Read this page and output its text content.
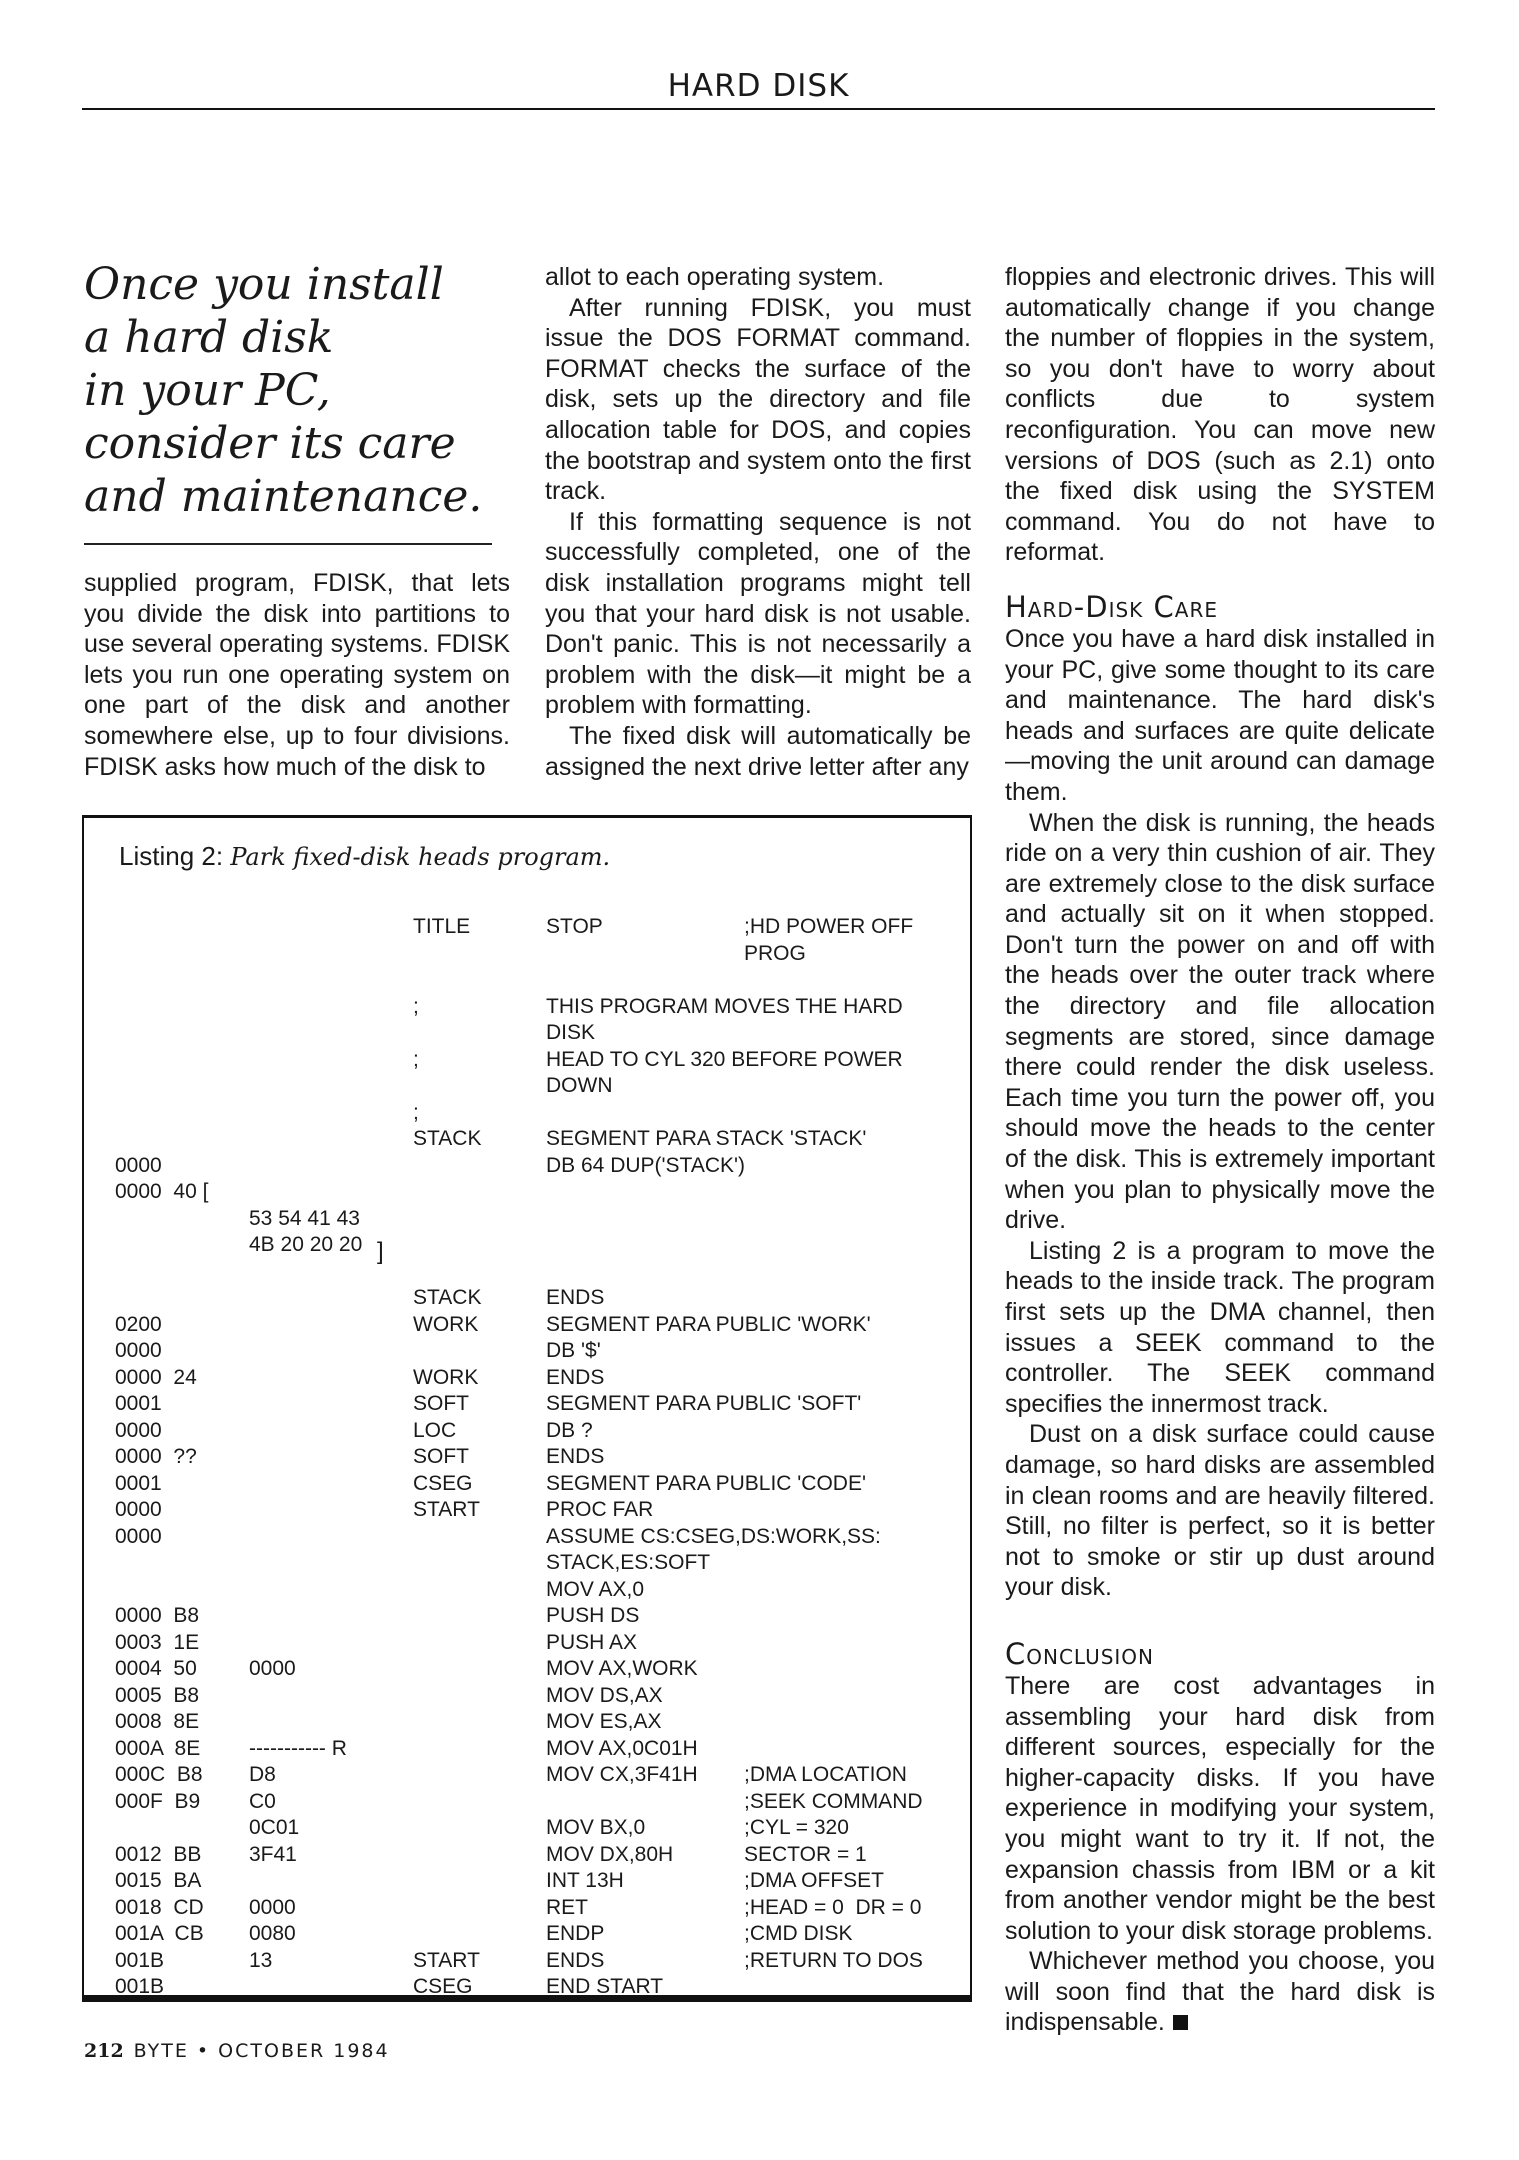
HARD DISK
Once you install
a hard disk
in your PC,
consider its care
and maintenance.

supplied program, FDISK, that lets you divide the disk into partitions to use several operating systems. FDISK lets you run one operating system on one part of the disk and another somewhere else, up to four divisions. FDISK asks how much of the disk to

allot to each operating system.

After running FDISK, you must issue the DOS FORMAT command. FORMAT checks the surface of the disk, sets up the directory and file allocation table for DOS, and copies the bootstrap and system onto the first track.

If this formatting sequence is not successfully completed, one of the disk installation programs might tell you that your hard disk is not usable. Don't panic. This is not necessarily a problem with the disk—it might be a problem with formatting.

The fixed disk will automatically be assigned the next drive letter after any

floppies and electronic drives. This will automatically change if you change the number of floppies in the system, so you don't have to worry about conflicts due to system reconfiguration. You can move new versions of DOS (such as 2.1) onto the fixed disk using the SYSTEM command. You do not have to reformat.

Hard-Disk Care

Once you have a hard disk installed in your PC, give some thought to its care and maintenance. The hard disk's heads and surfaces are quite delicate—moving the unit around can damage them.

When the disk is running, the heads ride on a very thin cushion of air. They are extremely close to the disk surface and actually sit on it when stopped. Don't turn the power on and off with the heads over the outer track where the directory and file allocation segments are stored, since damage there could render the disk useless. Each time you turn the power off, you should move the heads to the center of the disk. This is extremely important when you plan to physically move the drive.

Listing 2 is a program to move the heads to the inside track. The program first sets up the DMA channel, then issues a SEEK command to the controller. The SEEK command specifies the innermost track.

Dust on a disk surface could cause damage, so hard disks are assembled in clean rooms and are heavily filtered. Still, no filter is perfect, so it is better not to smoke or stir up dust around your disk.

Conclusion

There are cost advantages in assembling your hard disk from different sources, especially for the higher-capacity disks. If you have experience in modifying your system, you might want to try it. If not, the expansion chassis from IBM or a kit from another vendor might be the best solution to your disk storage problems.

Whichever method you choose, you will soon find that the hard disk is indispensable.

Listing 2: Park fixed-disk heads program.

0000
0000  40 [

0200
0000
0000  24
0001
0000
0000  ??
0001
0000
0000

0000  B8
0003  1E
0004  50
0005  B8
0008  8E
000A  8E
000C  B8
000F  B9

0012  BB
0015  BA
0018  CD
001A  CB
001B
001B

53 54 41 43
4B 20 20 20

0000

----------- R
D8
C0
0C01
3F41

0000
0080
13
]
TITLE

;

;

;
STACK

STACK
WORK

WORK
SOFT
LOC
SOFT
CSEG
START

START
CSEG
STOP

THIS PROGRAM MOVES THE HARD
DISK
HEAD TO CYL 320 BEFORE POWER
DOWN

SEGMENT PARA STACK 'STACK'
DB 64 DUP('STACK')

ENDS
SEGMENT PARA PUBLIC 'WORK'
DB '$'
ENDS
SEGMENT PARA PUBLIC 'SOFT'
DB ?
ENDS
SEGMENT PARA PUBLIC 'CODE'
PROC FAR
ASSUME CS:CSEG,DS:WORK,SS:
STACK,ES:SOFT
MOV AX,0
PUSH DS
PUSH AX
MOV AX,WORK
MOV DS,AX
MOV ES,AX
MOV AX,0C01H
MOV CX,3F41H

MOV BX,0
MOV DX,80H
INT 13H
RET
ENDP
ENDS
END START
;HD POWER OFF
PROG

;DMA LOCATION
;SEEK COMMAND
;CYL = 320
SECTOR = 1
;DMA OFFSET
;HEAD = 0  DR = 0
;CMD DISK
;RETURN TO DOS
212 BYTE • OCTOBER 1984
